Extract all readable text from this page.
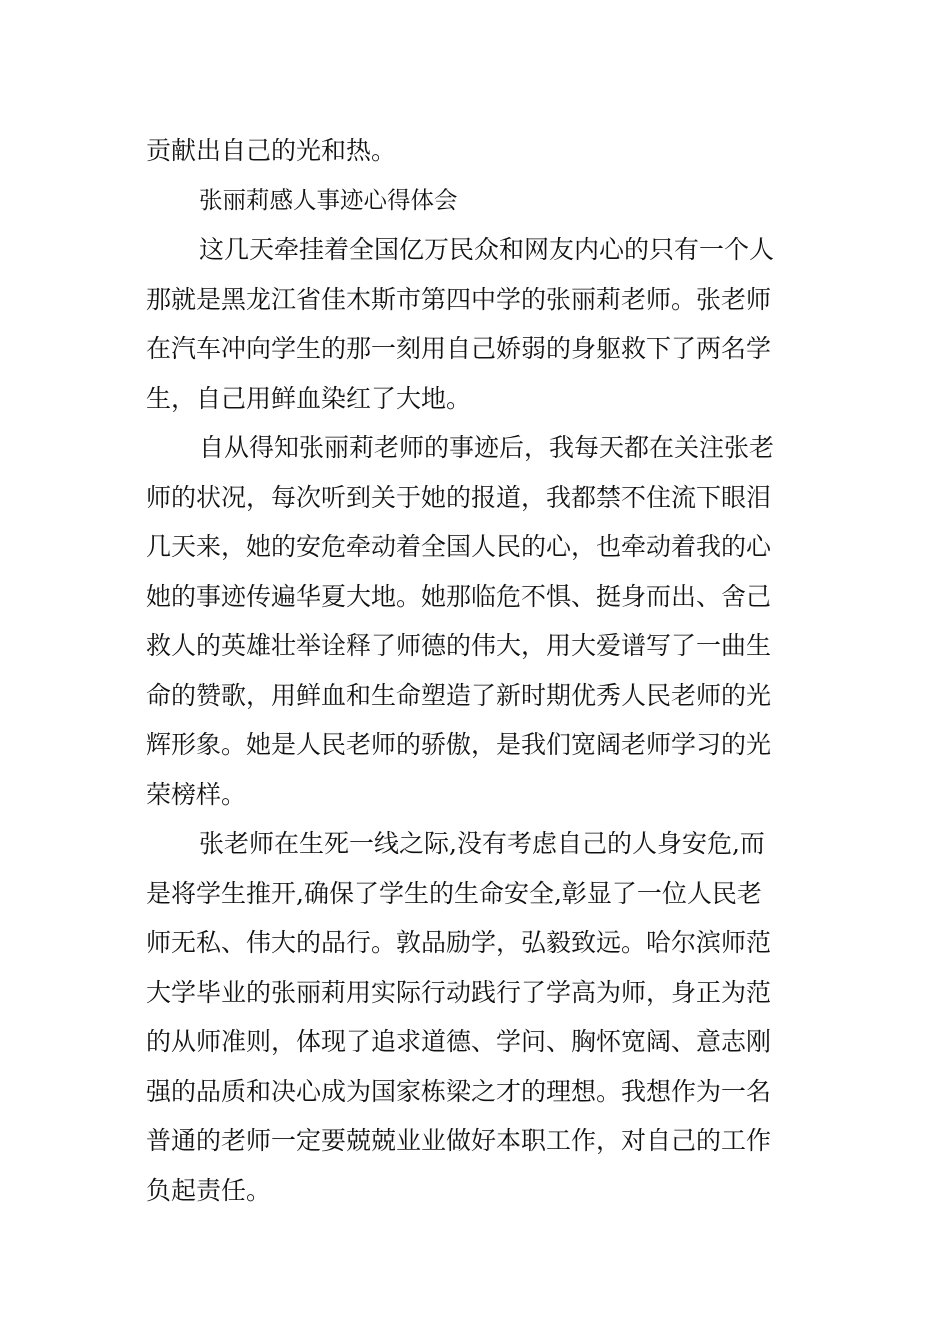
贡献出自己的光和热。

张丽莉感人事迹心得体会

这几天牵挂着全国亿万民众和网友内心的只有一个人
那就是黑龙江省佳木斯市第四中学的张丽莉老师。张老师
在汽车冲向学生的那一刻用自己娇弱的身躯救下了两名学
生，自己用鲜血染红了大地。

自从得知张丽莉老师的事迹后，我每天都在关注张老
师的状况，每次听到关于她的报道，我都禁不住流下眼泪
几天来，她的安危牵动着全国人民的心，也牵动着我的心
她的事迹传遍华夏大地。她那临危不惧、挺身而出、舍己
救人的英雄壮举诠释了师德的伟大，用大爱谱写了一曲生
命的赞歌，用鲜血和生命塑造了新时期优秀人民老师的光
辉形象。她是人民老师的骄傲，是我们宽阔老师学习的光
荣榜样。

张老师在生死一线之际,没有考虑自己的人身安危,而
是将学生推开,确保了学生的生命安全,彰显了一位人民老
师无私、伟大的品行。敦品励学，弘毅致远。哈尔滨师范
大学毕业的张丽莉用实际行动践行了学高为师，身正为范
的从师准则，体现了追求道德、学问、胸怀宽阔、意志刚
强的品质和决心成为国家栋梁之才的理想。我想作为一名
普通的老师一定要兢兢业业做好本职工作，对自己的工作
负起责任。
